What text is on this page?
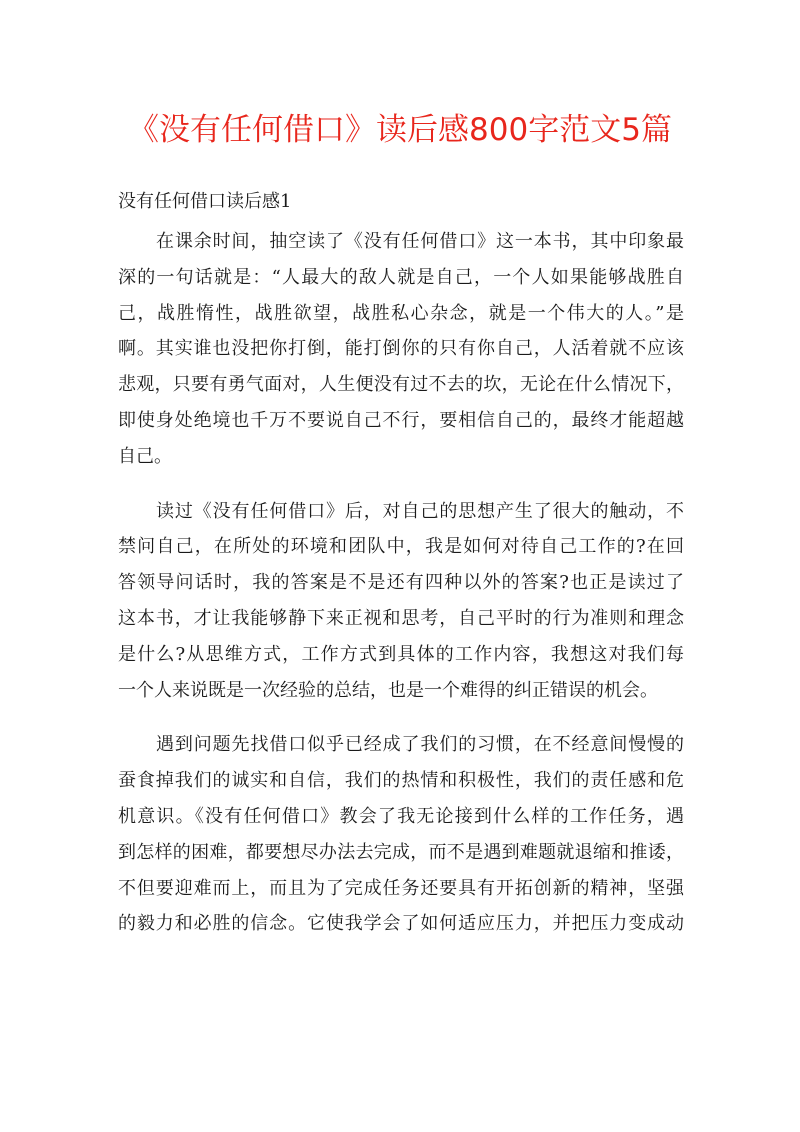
《没有任何借口》读后感800字范文5篇
没有任何借口读后感1
在课余时间，抽空读了《没有任何借口》这一本书，其中印象最
深的一句话就是：“人最大的敌人就是自己，一个人如果能够战胜自
己，战胜惰性，战胜欲望，战胜私心杂念，就是一个伟大的人。”是
啊。其实谁也没把你打倒，能打倒你的只有你自己，人活着就不应该
悲观，只要有勇气面对，人生便没有过不去的坎，无论在什么情况下，
即使身处绝境也千万不要说自己不行，要相信自己的，最终才能超越
自己。
读过《没有任何借口》后，对自己的思想产生了很大的触动，不
禁问自己，在所处的环境和团队中，我是如何对待自己工作的?在回
答领导问话时，我的答案是不是还有四种以外的答案?也正是读过了
这本书，才让我能够静下来正视和思考，自己平时的行为准则和理念
是什么?从思维方式，工作方式到具体的工作内容，我想这对我们每
一个人来说既是一次经验的总结，也是一个难得的纠正错误的机会。
遇到问题先找借口似乎已经成了我们的习惯，在不经意间慢慢的
蚕食掉我们的诚实和自信，我们的热情和积极性，我们的责任感和危
机意识。《没有任何借口》教会了我无论接到什么样的工作任务，遇
到怎样的困难，都要想尽办法去完成，而不是遇到难题就退缩和推诿，
不但要迎难而上，而且为了完成任务还要具有开拓创新的精神，坚强
的毅力和必胜的信念。它使我学会了如何适应压力，并把压力变成动
